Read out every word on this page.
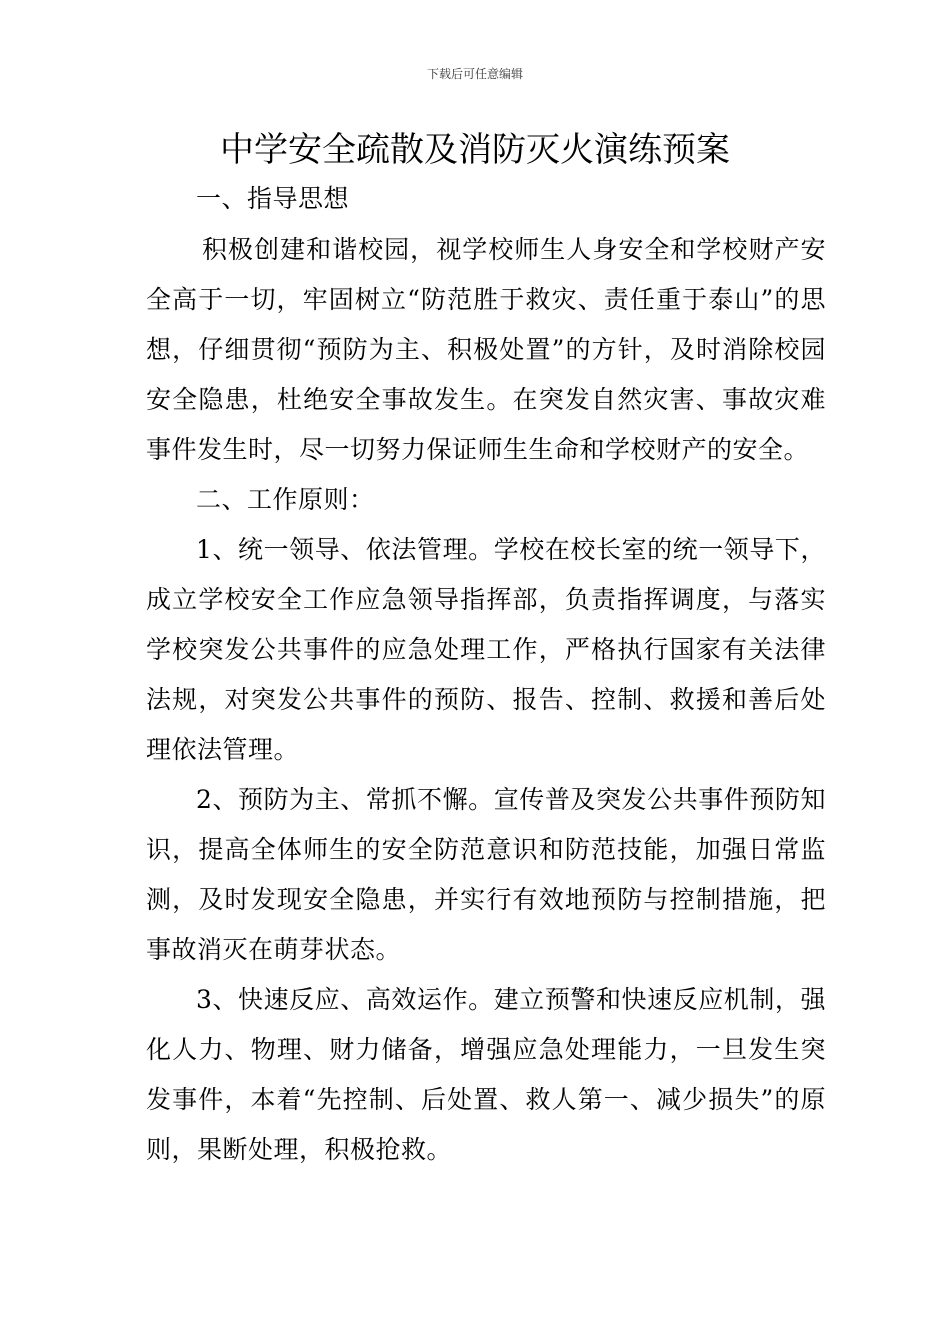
下载后可任意编辑
中学安全疏散及消防灭火演练预案

一、指导思想

积极创建和谐校园，视学校师生人身安全和学校财产安全高于一切，牢固树立“防范胜于救灾、责任重于泰山”的思想，仔细贯彻“预防为主、积极处置”的方针，及时消除校园安全隐患，杜绝安全事故发生。在突发自然灾害、事故灾难事件发生时，尽一切努力保证师生生命和学校财产的安全。

二、工作原则：

1、统一领导、依法管理。学校在校长室的统一领导下，成立学校安全工作应急领导指挥部，负责指挥调度，与落实学校突发公共事件的应急处理工作，严格执行国家有关法律法规，对突发公共事件的预防、报告、控制、救援和善后处理依法管理。

2、预防为主、常抓不懈。宣传普及突发公共事件预防知识，提高全体师生的安全防范意识和防范技能，加强日常监测，及时发现安全隐患，并实行有效地预防与控制措施，把事故消灭在萌芽状态。

3、快速反应、高效运作。建立预警和快速反应机制，强化人力、物理、财力储备，增强应急处理能力，一旦发生突发事件，本着“先控制、后处置、救人第一、减少损失”的原则，果断处理，积极抢救。
